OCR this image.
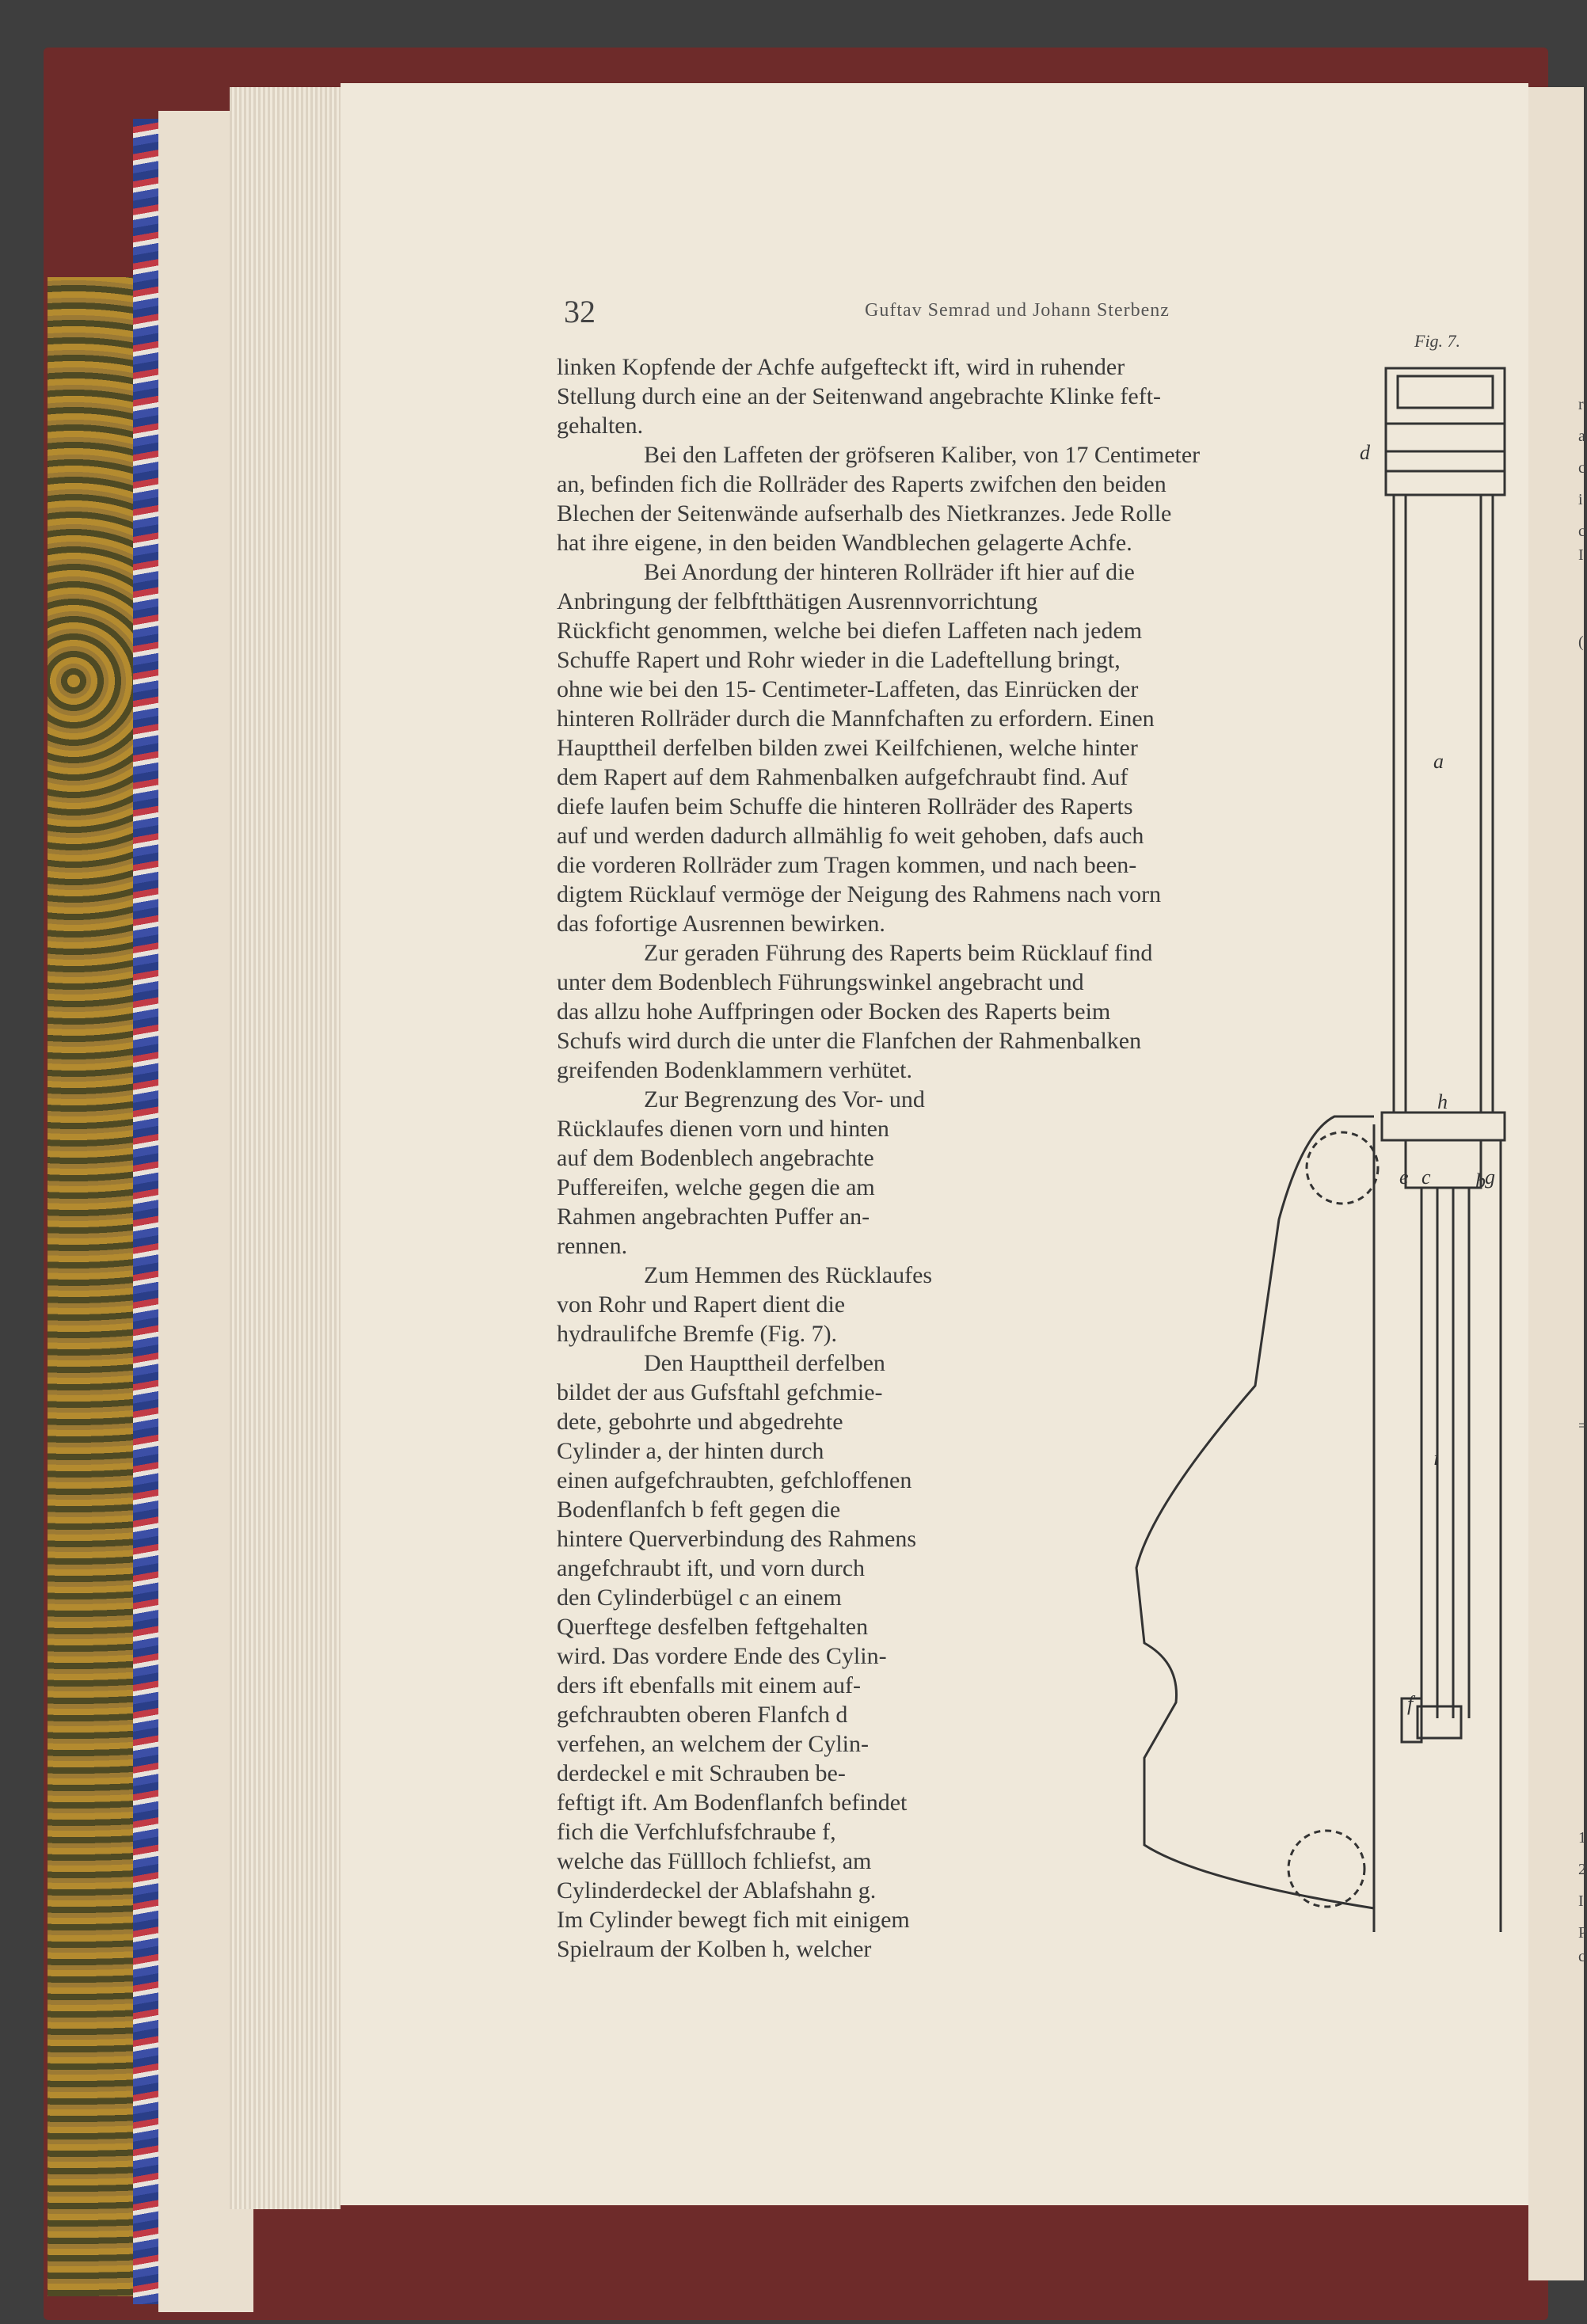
r
a
c
i
c
I
(
=
1
2
I
P
c
32	Guftav Semrad und Johann Sterbenz
Fig. 7.
linken Kopfende der Achfe aufgefteckt ift, wird in ruhender
Stellung durch eine an der Seitenwand angebrachte Klinke feft-
gehalten.
Bei den Laffeten der gröfseren Kaliber, von 17 Centimeter
an, befinden fich die Rollräder des Raperts zwifchen den beiden
Blechen der Seitenwände aufserhalb des Nietkranzes. Jede Rolle
hat ihre eigene, in den beiden Wandblechen gelagerte Achfe.
Bei Anordung der hinteren Rollräder ift hier auf die
Anbringung der felbftthätigen Ausrennvorrichtung
Rückficht genommen, welche bei diefen Laffeten nach jedem
Schuffe Rapert und Rohr wieder in die Ladeftellung bringt,
ohne wie bei den 15- Centimeter-Laffeten, das Einrücken der
hinteren Rollräder durch die Mannfchaften zu erfordern. Einen
Haupttheil derfelben bilden zwei Keilfchienen, welche hinter
dem Rapert auf dem Rahmenbalken aufgefchraubt find. Auf
diefe laufen beim Schuffe die hinteren Rollräder des Raperts
auf und werden dadurch allmählig fo weit gehoben, dafs auch
die vorderen Rollräder zum Tragen kommen, und nach been-
digtem Rücklauf vermöge der Neigung des Rahmens nach vorn
das fofortige Ausrennen bewirken.
Zur geraden Führung des Raperts beim Rücklauf find
unter dem Bodenblech Führungswinkel angebracht und
das allzu hohe Auffpringen oder Bocken des Raperts beim
Schufs wird durch die unter die Flanfchen der Rahmenbalken
greifenden Bodenklammern verhütet.
Zur Begrenzung des Vor- und
Rücklaufes dienen vorn und hinten
auf dem Bodenblech angebrachte
Puffereifen, welche gegen die am
Rahmen angebrachten Puffer an-
rennen.
Zum Hemmen des Rücklaufes
von Rohr und Rapert dient die
hydraulifche Bremfe (Fig. 7).
Den Haupttheil derfelben
bildet der aus Gufsftahl gefchmie-
dete, gebohrte und abgedrehte
Cylinder a, der hinten durch
einen aufgefchraubten, gefchloffenen
Bodenflanfch b feft gegen die
hintere Querverbindung des Rahmens
angefchraubt ift, und vorn durch
den Cylinderbügel c an einem
Querftege desfelben feftgehalten
wird. Das vordere Ende des Cylin-
ders ift ebenfalls mit einem auf-
gefchraubten oberen Flanfch d
verfehen, an welchem der Cylin-
derdeckel e mit Schrauben be-
feftigt ift. Am Bodenflanfch befindet
fich die Verfchlufsfchraube f,
welche das Füllloch fchliefst, am
Cylinderdeckel der Ablafshahn g.
Im Cylinder bewegt fich mit einigem
Spielraum der Kolben h, welcher
a
b
c
d
e
f
g
h
i
